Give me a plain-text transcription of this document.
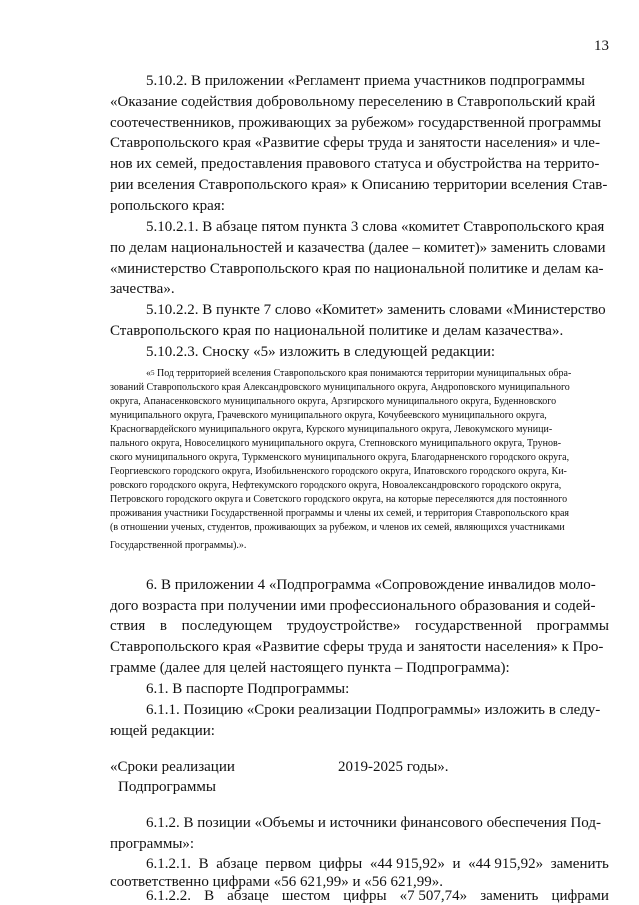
13
5.10.2. В приложении «Регламент приема участников подпрограммы
«Оказание содействия добровольному переселению в Ставропольский край
соотечественников, проживающих за рубежом» государственной программы
Ставропольского края «Развитие сферы труда и занятости населения» и чле-
нов их семей, предоставления правового статуса и обустройства на террито-
рии вселения Ставропольского края» к Описанию территории вселения Став-
ропольского края:
5.10.2.1. В абзаце пятом пункта 3 слова «комитет Ставропольского края
по делам национальностей и казачества (далее – комитет)» заменить словами
«министерство Ставропольского края по национальной политике и делам ка-
зачества».
5.10.2.2. В пункте 7 слово «Комитет» заменить словами «Министерство
Ставропольского края по национальной политике и делам казачества».
5.10.2.3. Сноску «5» изложить в следующей редакции:
«$^5$ Под территорией вселения Ставропольского края понимаются территории муниципальных обра-
зований Ставропольского края Александровского муниципального округа, Андроповского муниципального
округа, Апанасенковского муниципального округа, Арзгирского муниципального округа, Буденновского
муниципального округа, Грачевского муниципального округа, Кочубеевского муниципального округа,
Красногвардейского муниципального округа, Курского муниципального округа, Левокумского муници-
пального округа, Новоселицкого муниципального округа, Степновского муниципального округа, Трунов-
ского муниципального округа, Туркменского муниципального округа, Благодарненского городского округа,
Георгиевского городского округа, Изобильненского городского округа, Ипатовского городского округа, Ки-
ровского городского округа, Нефтекумского городского округа, Новоалександровского городского округа,
Петровского городского округа и Советского городского округа, на которые переселяются для постоянного
проживания участники Государственной программы и члены их семей, и территория Ставропольского края
(в отношении ученых, студентов, проживающих за рубежом, и членов их семей, являющихся участниками
Государственной программы).».
6. В приложении 4 «Подпрограмма «Сопровождение инвалидов моло-
дого возраста при получении ими профессионального образования и содей-
ствия в последующем трудоустройстве» государственной программы
Ставропольского края «Развитие сферы труда и занятости населения» к Про-
грамме (далее для целей настоящего пункта – Подпрограмма):
6.1. В паспорте Подпрограммы:
6.1.1. Позицию «Сроки реализации Подпрограммы» изложить в следу-
ющей редакции:
«Сроки реализации
Подпрограммы
2019-2025 годы».
6.1.2. В позиции «Объемы и источники финансового обеспечения Под-
программы»:
6.1.2.1. В абзаце первом цифры «44 915,92» и «44 915,92» заменить
соответственно цифрами «56 621,99» и «56 621,99».
6.1.2.2. В абзаце шестом цифры «7 507,74» заменить цифрами
